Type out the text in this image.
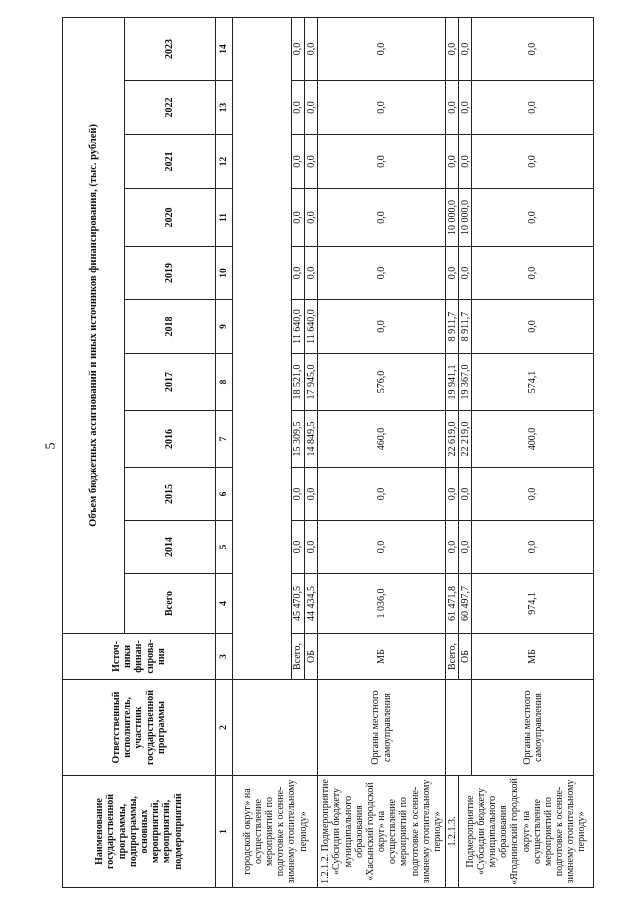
5
Наименование государственной программы, подпрограммы, основных мероприятий, мероприятий, подмероприятий	Ответственный исполнитель, участник государственной программы	Источ-ники финан-сирова-ния	Объем бюджетных ассигнований и иных источников финансирования, (тыс. рублей)										
			Всего	2014	2015	2016	2017	2018	2019	2020	2021	2022	2023
1	2	3	4	5	6	7	8	9	10	11	12	13	14
городской округ» на осуществление мероприятий по подготовке к осенне-зимнему отопительному периоду»													
		Всего,	45 470,5	0,0	0,0	15 309,5	18 521,0	11 640,0	0,0	0,0	0,0	0,0	0,0
		ОБ	44 434,5	0,0	0,0	14 849,5	17 945,0	11 640,0	0,0	0,0	0,0	0,0	0,0
1.2.1.2. Подмероприятие «Субсидии бюджету муниципального образования «Хасынский городской округ» на осуществление мероприятий по подготовке к осенне-зимнему отопительному периоду»	Органы местного самоуправления	МБ	1 036,0	0,0	0,0	460,0	576,0	0,0	0,0	0,0	0,0	0,0	0,0
1.2.1.3.		Всего,	61 471,8	0,0	0,0	22 619,0	19 941,1	8 911,7	0,0	10 000,0	0,0	0,0	0,0
Подмероприятие «Субсидии бюджету муниципального образования «Ягоднинский городской округ» на осуществление мероприятий по подготовке к осенне-зимнему отопительному периоду»		ОБ	60 497,7	0,0	0,0	22 219,0	19 367,0	8 911,7	0,0	10 000,0	0,0	0,0	0,0
	Органы местного самоуправления	МБ	974,1	0,0	0,0	400,0	574,1	0,0	0,0	0,0	0,0	0,0	0,0
